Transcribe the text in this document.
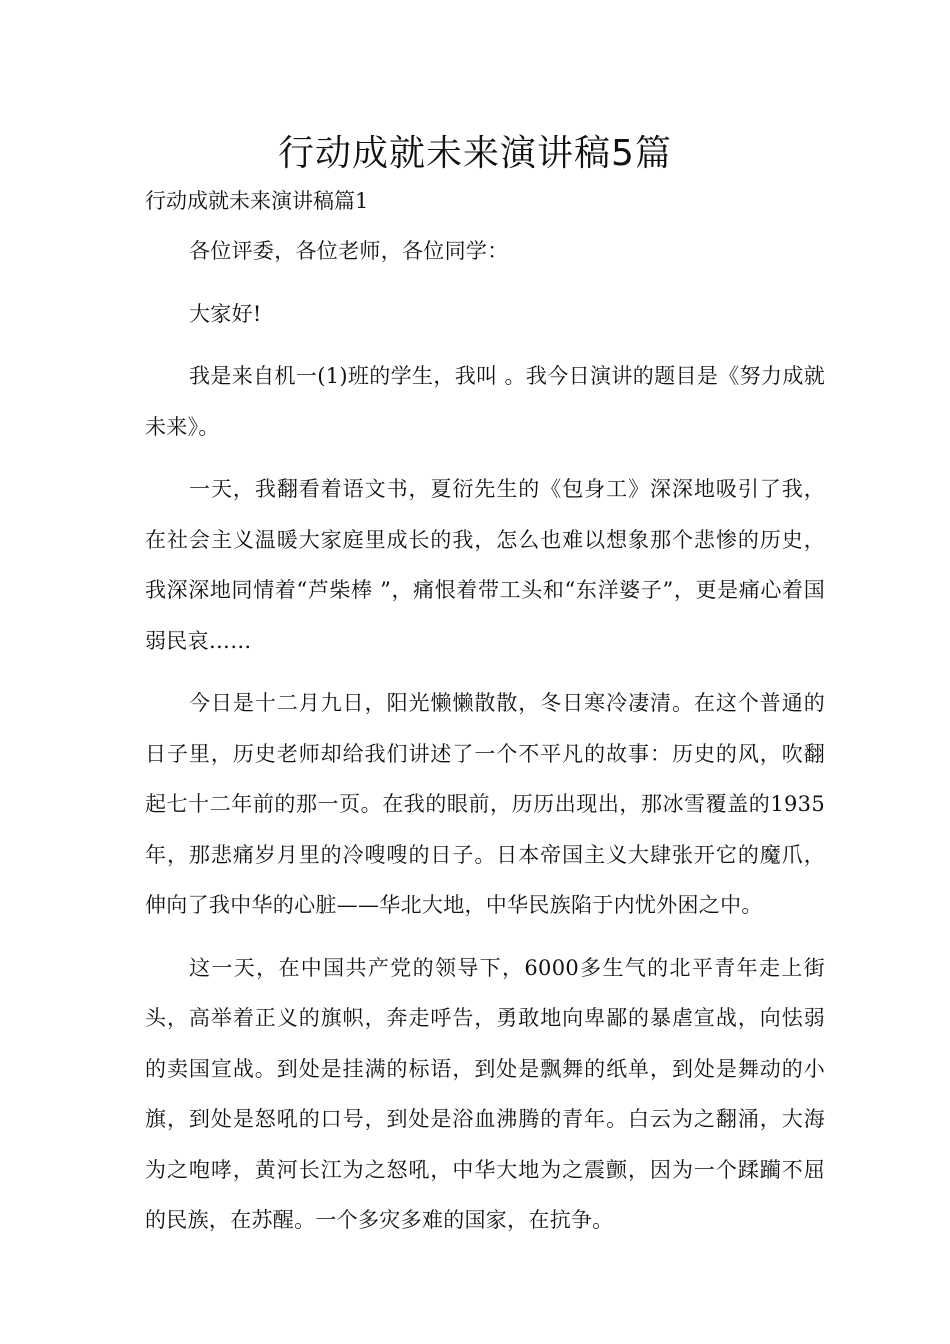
行动成就未来演讲稿5篇
行动成就未来演讲稿篇1

各位评委，各位老师，各位同学：

大家好!

我是来自机一(1)班的学生，我叫 。我今日演讲的题目是《努力成就未来》。

一天，我翻看着语文书，夏衍先生的《包身工》深深地吸引了我，在社会主义温暖大家庭里成长的我，怎么也难以想象那个悲惨的历史，我深深地同情着“芦柴棒 ”，痛恨着带工头和“东洋婆子”，更是痛心着国弱民哀……

今日是十二月九日，阳光懒懒散散，冬日寒冷凄清。在这个普通的日子里，历史老师却给我们讲述了一个不平凡的故事：历史的风，吹翻起七十二年前的那一页。在我的眼前，历历出现出，那冰雪覆盖的1935年，那悲痛岁月里的冷嗖嗖的日子。日本帝国主义大肆张开它的魔爪，伸向了我中华的心脏——华北大地，中华民族陷于内忧外困之中。

这一天，在中国共产党的领导下，6000多生气的北平青年走上街头，高举着正义的旗帜，奔走呼告，勇敢地向卑鄙的暴虐宣战，向怯弱的卖国宣战。到处是挂满的标语，到处是飘舞的纸单，到处是舞动的小旗，到处是怒吼的口号，到处是浴血沸腾的青年。白云为之翻涌，大海为之咆哮，黄河长江为之怒吼，中华大地为之震颤，因为一个蹂躏不屈的民族，在苏醒。一个多灾多难的国家，在抗争。
